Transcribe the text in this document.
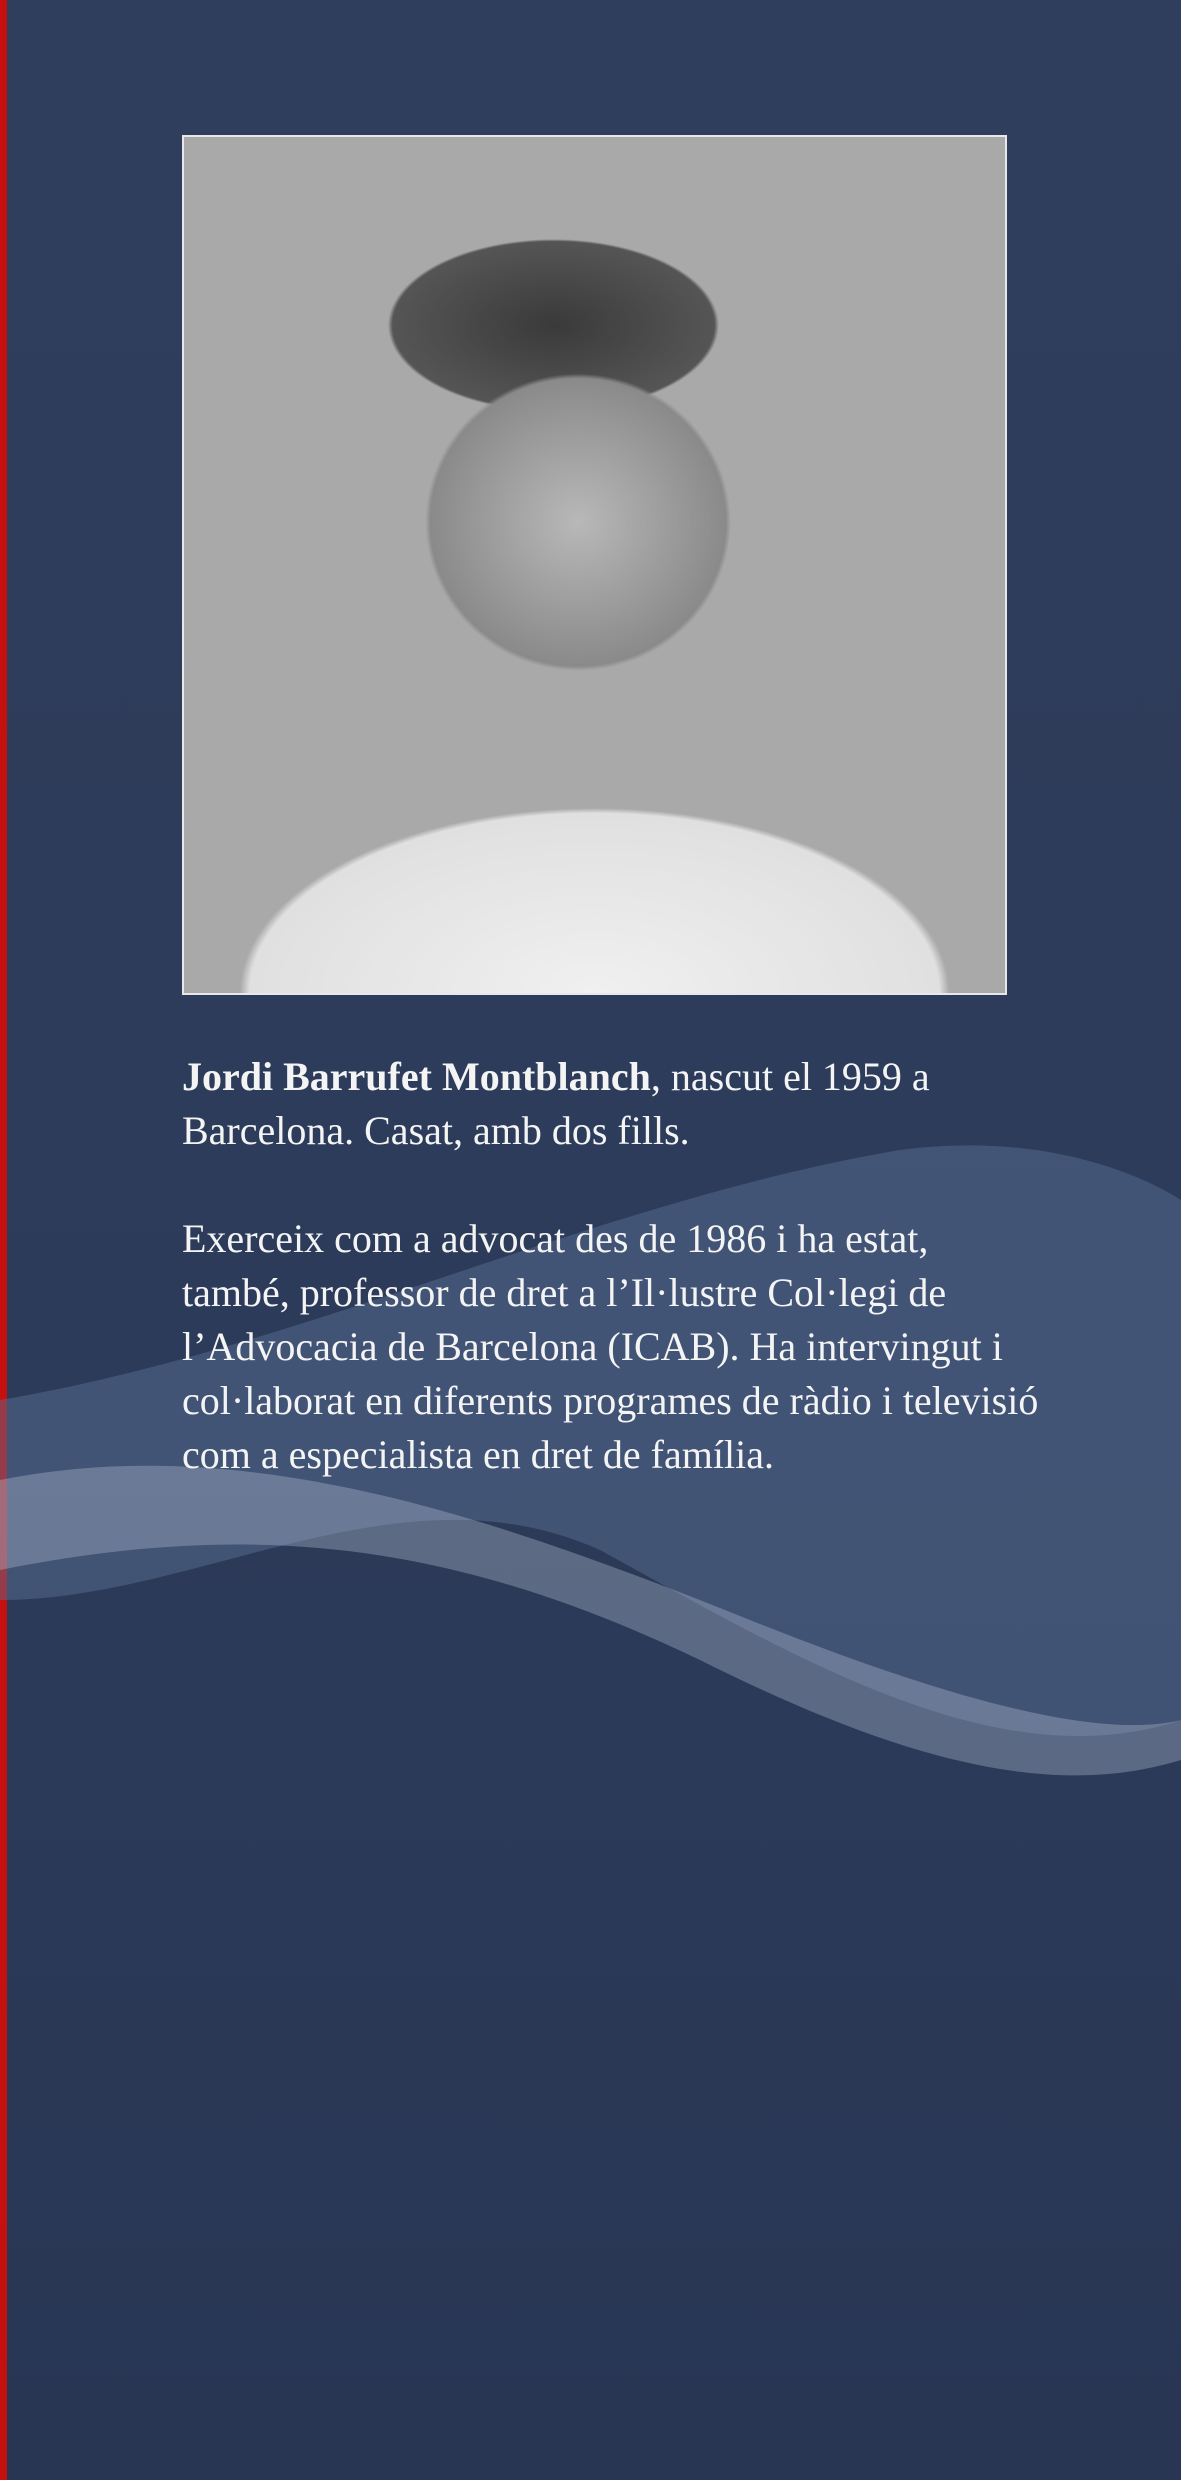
Jordi Barrufet Montblanch, nascut el 1959 a Barcelona. Casat, amb dos fills.

Exerceix com a advocat des de 1986 i ha estat, també, professor de dret a l’Il·lustre Col·legi de l’Advocacia de Barcelona (ICAB). Ha intervingut i col·laborat en diferents programes de ràdio i televisió com a especialista en dret de família.
